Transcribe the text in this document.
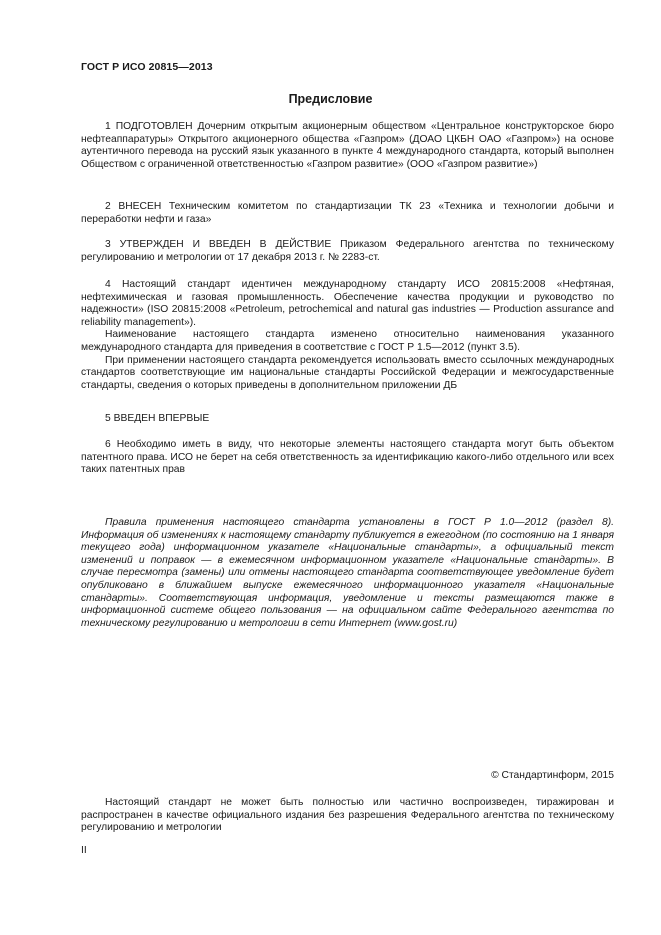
ГОСТ Р ИСО 20815—2013
Предисловие

1 ПОДГОТОВЛЕН Дочерним открытым акционерным обществом «Центральное конструкторское бюро нефтеаппаратуры» Открытого акционерного общества «Газпром» (ДОАО ЦКБН ОАО «Газпром») на основе аутентичного перевода на русский язык указанного в пункте 4 международного стандарта, который выполнен Обществом с ограниченной ответственностью «Газпром развитие» (ООО «Газпром развитие»)

2 ВНЕСЕН Техническим комитетом по стандартизации ТК 23 «Техника и технологии добычи и переработки нефти и газа»

3 УТВЕРЖДЕН И ВВЕДЕН В ДЕЙСТВИЕ Приказом Федерального агентства по техническому регулированию и метрологии от 17 декабря 2013 г. № 2283-ст.

4 Настоящий стандарт идентичен международному стандарту ИСО 20815:2008 «Нефтяная, нефтехимическая и газовая промышленность. Обеспечение качества продукции и руководство по надежности» (ISO 20815:2008 «Petroleum, petrochemical and natural gas industries — Production assurance and reliability management»).

Наименование настоящего стандарта изменено относительно наименования указанного международного стандарта для приведения в соответствие с ГОСТ Р 1.5—2012 (пункт 3.5).

При применении настоящего стандарта рекомендуется использовать вместо ссылочных международных стандартов соответствующие им национальные стандарты Российской Федерации и межгосударственные стандарты, сведения о которых приведены в дополнительном приложении ДБ

5 ВВЕДЕН ВПЕРВЫЕ

6 Необходимо иметь в виду, что некоторые элементы настоящего стандарта могут быть объектом патентного права. ИСО не берет на себя ответственность за идентификацию какого-либо отдельного или всех таких патентных прав

Правила применения настоящего стандарта установлены в ГОСТ Р 1.0—2012 (раздел 8). Информация об изменениях к настоящему стандарту публикуется в ежегодном (по состоянию на 1 января текущего года) информационном указателе «Национальные стандарты», а официальный текст изменений и поправок — в ежемесячном информационном указателе «Национальные стандарты». В случае пересмотра (замены) или отмены настоящего стандарта соответствующее уведомление будет опубликовано в ближайшем выпуске ежемесячного информационного указателя «Национальные стандарты». Соответствующая информация, уведомление и тексты размещаются также в информационной системе общего пользования — на официальном сайте Федерального агентства по техническому регулированию и метрологии в сети Интернет (www.gost.ru)

© Стандартинформ, 2015

Настоящий стандарт не может быть полностью или частично воспроизведен, тиражирован и распространен в качестве официального издания без разрешения Федерального агентства по техническому регулированию и метрологии

II
